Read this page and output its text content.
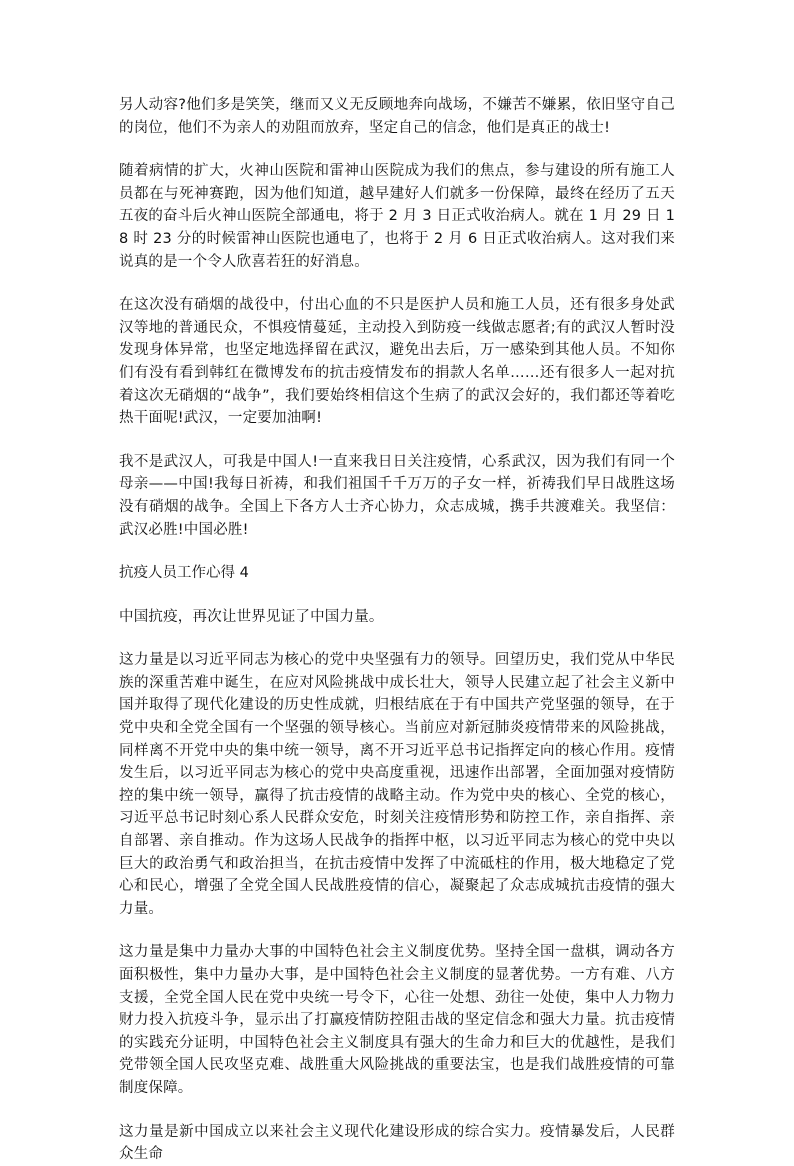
另人动容?他们多是笑笑，继而又义无反顾地奔向战场，不嫌苦不嫌累，依旧坚守自己的岗位，他们不为亲人的劝阻而放弃，坚定自己的信念，他们是真正的战士!

随着病情的扩大，火神山医院和雷神山医院成为我们的焦点，参与建设的所有施工人员都在与死神赛跑，因为他们知道，越早建好人们就多一份保障，最终在经历了五天五夜的奋斗后火神山医院全部通电，将于 2 月 3 日正式收治病人。就在 1 月 29 日 18 时 23 分的时候雷神山医院也通电了，也将于 2 月 6 日正式收治病人。这对我们来说真的是一个令人欣喜若狂的好消息。

在这次没有硝烟的战役中，付出心血的不只是医护人员和施工人员，还有很多身处武汉等地的普通民众，不惧疫情蔓延，主动投入到防疫一线做志愿者;有的武汉人暂时没发现身体异常，也坚定地选择留在武汉，避免出去后，万一感染到其他人员。不知你们有没有看到韩红在微博发布的抗击疫情发布的捐款人名单……还有很多人一起对抗着这次无硝烟的“战争”，我们要始终相信这个生病了的武汉会好的，我们都还等着吃热干面呢!武汉，一定要加油啊!

我不是武汉人，可我是中国人!一直来我日日关注疫情，心系武汉，因为我们有同一个母亲——中国!我每日祈祷，和我们祖国千千万万的子女一样，祈祷我们早日战胜这场没有硝烟的战争。全国上下各方人士齐心协力，众志成城，携手共渡难关。我坚信：武汉必胜!中国必胜!

抗疫人员工作心得 4

中国抗疫，再次让世界见证了中国力量。

这力量是以习近平同志为核心的党中央坚强有力的领导。回望历史，我们党从中华民族的深重苦难中诞生，在应对风险挑战中成长壮大，领导人民建立起了社会主义新中国并取得了现代化建设的历史性成就，归根结底在于有中国共产党坚强的领导，在于党中央和全党全国有一个坚强的领导核心。当前应对新冠肺炎疫情带来的风险挑战，同样离不开党中央的集中统一领导，离不开习近平总书记指挥定向的核心作用。疫情发生后，以习近平同志为核心的党中央高度重视，迅速作出部署，全面加强对疫情防控的集中统一领导，赢得了抗击疫情的战略主动。作为党中央的核心、全党的核心，习近平总书记时刻心系人民群众安危，时刻关注疫情形势和防控工作，亲自指挥、亲自部署、亲自推动。作为这场人民战争的指挥中枢，以习近平同志为核心的党中央以巨大的政治勇气和政治担当，在抗击疫情中发挥了中流砥柱的作用，极大地稳定了党心和民心，增强了全党全国人民战胜疫情的信心，凝聚起了众志成城抗击疫情的强大力量。

这力量是集中力量办大事的中国特色社会主义制度优势。坚持全国一盘棋，调动各方面积极性，集中力量办大事，是中国特色社会主义制度的显著优势。一方有难、八方支援，全党全国人民在党中央统一号令下，心往一处想、劲往一处使，集中人力物力财力投入抗疫斗争，显示出了打赢疫情防控阻击战的坚定信念和强大力量。抗击疫情的实践充分证明，中国特色社会主义制度具有强大的生命力和巨大的优越性，是我们党带领全国人民攻坚克难、战胜重大风险挑战的重要法宝，也是我们战胜疫情的可靠制度保障。

这力量是新中国成立以来社会主义现代化建设形成的综合实力。疫情暴发后，人民群众生命
